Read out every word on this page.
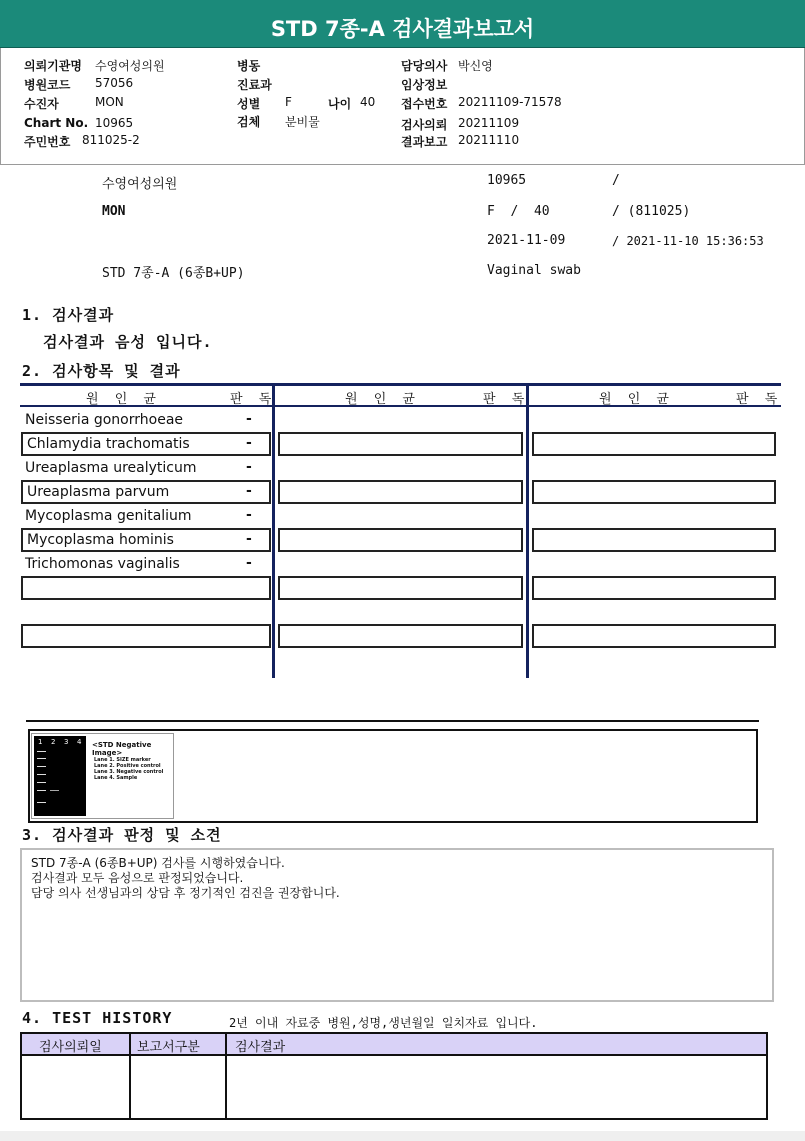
STD 7종-A 검사결과보고서
의뢰기관명 수영여성의원
병원코드 57056
수진자	MON
Chart No. 10965
주민번호 811025-2
병동
진료과
성별 F	나이 40
검체 분비물
담당의사 박신영
임상정보
접수번호 20211109-71578
검사의뢰 20211109
결과보고 20211110
수영여성의원	10965	/
MON	F  /  40	/ (811025)
2021-11-09	/ 2021-11-10 15:36:53
STD 7종-A (6종B+UP)	Vaginal swab
1. 검사결과
검사결과 음성 입니다.
2. 검사항목 및 결과
원 인 균	판 독	원 인 균	판 독	원 인 균	판 독
Neisseria gonorrhoeae	-
Chlamydia trachomatis	-
Ureaplasma urealyticum	-
Ureaplasma parvum	-
Mycoplasma genitalium	-
Mycoplasma hominis	-
Trichomonas vaginalis	-
1 2 3 4 <STD Negative Image>
Lane 1. SIZE marker
Lane 2. Positive control
Lane 3. Negative control
Lane 4. Sample
3. 검사결과 판정 및 소견
STD 7종-A (6종B+UP) 검사를 시행하였습니다.
검사결과 모두 음성으로 판정되었습니다.
담당 의사 선생님과의 상담 후 정기적인 검진을 권장합니다.
4. TEST HISTORY	2년 이내 자료중 병원,성명,생년월일 일치자료 입니다.
검사의뢰일	보고서구분	검사결과
